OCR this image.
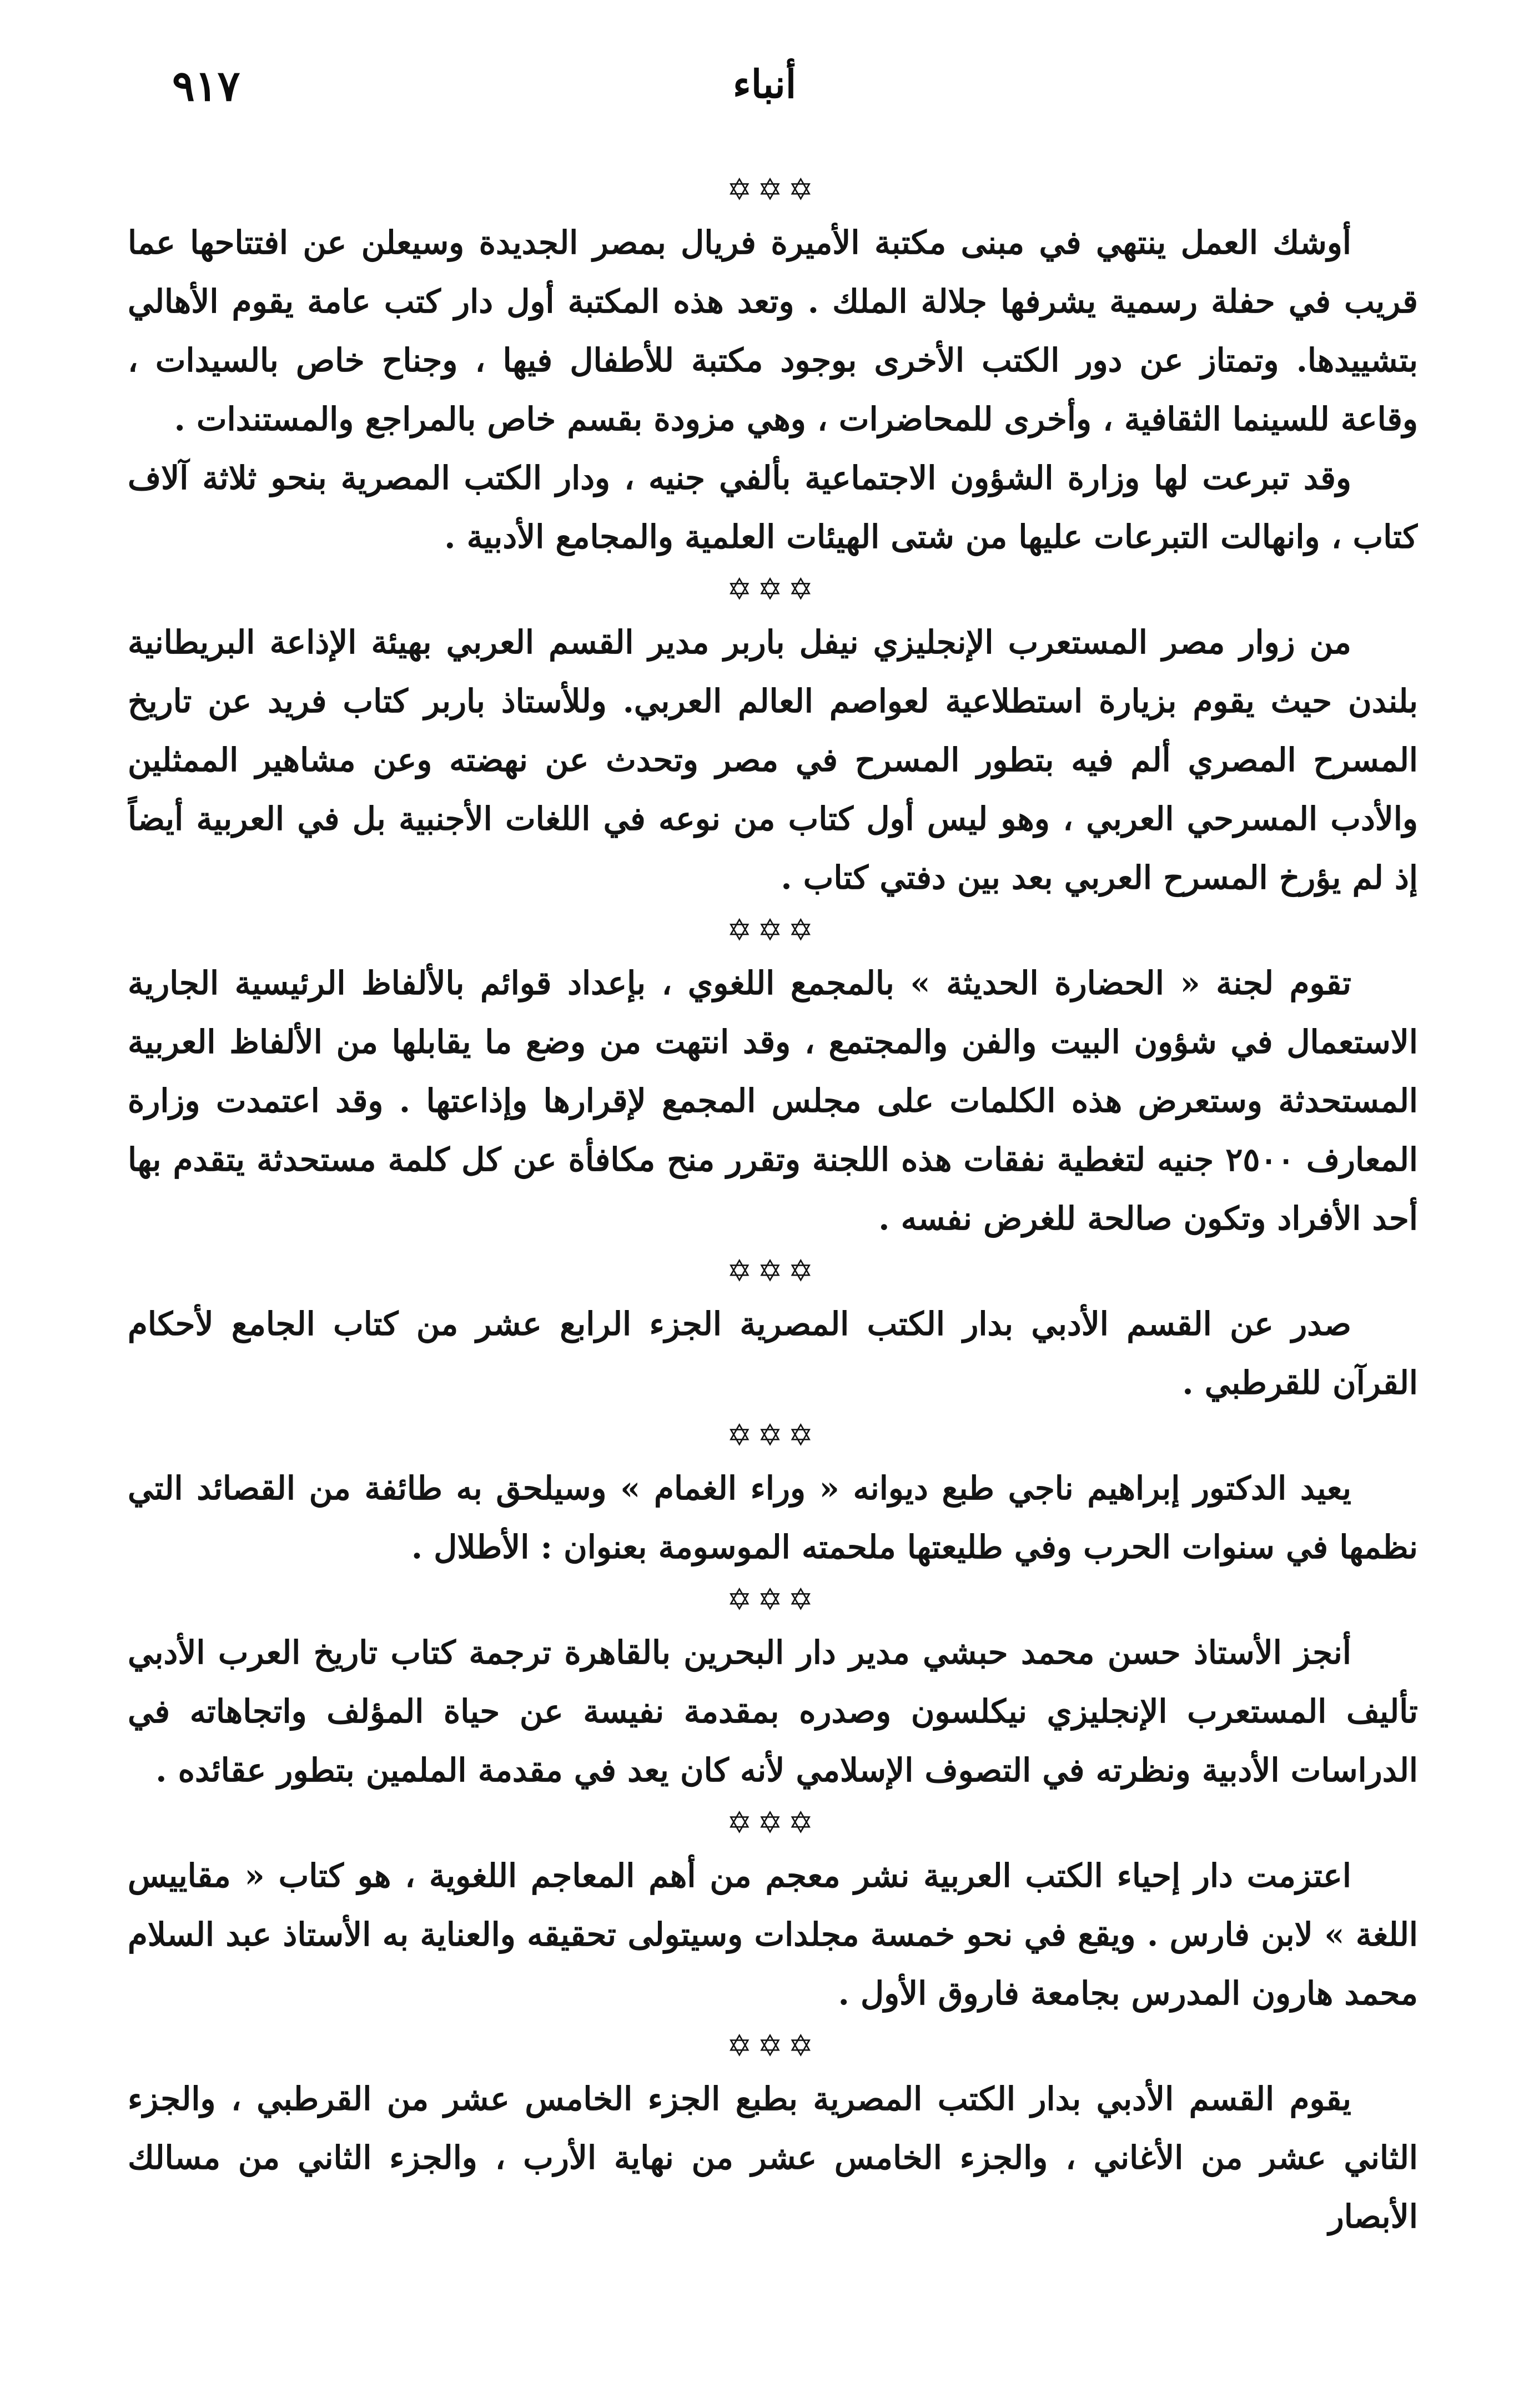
٩١٧	أنباء
✡✡✡

أوشك العمل ينتهي في مبنى مكتبة الأميرة فريال بمصر الجديدة وسيعلن عن افتتاحها عما قريب في حفلة رسمية يشرفها جلالة الملك . وتعد هذه المكتبة أول دار كتب عامة يقوم الأهالي بتشييدها. وتمتاز عن دور الكتب الأخرى بوجود مكتبة للأطفال فيها ، وجناح خاص بالسيدات ، وقاعة للسينما الثقافية ، وأخرى للمحاضرات ، وهي مزودة بقسم خاص بالمراجع والمستندات .

وقد تبرعت لها وزارة الشؤون الاجتماعية بألفي جنيه ، ودار الكتب المصرية بنحو ثلاثة آلاف كتاب ، وانهالت التبرعات عليها من شتى الهيئات العلمية والمجامع الأدبية .

✡✡✡

من زوار مصر المستعرب الإنجليزي نيفل باربر مدير القسم العربي بهيئة الإذاعة البريطانية بلندن حيث يقوم بزيارة استطلاعية لعواصم العالم العربي. وللأستاذ باربر كتاب فريد عن تاريخ المسرح المصري ألم فيه بتطور المسرح في مصر وتحدث عن نهضته وعن مشاهير الممثلين والأدب المسرحي العربي ، وهو ليس أول كتاب من نوعه في اللغات الأجنبية بل في العربية أيضاً إذ لم يؤرخ المسرح العربي بعد بين دفتي كتاب .

✡✡✡

تقوم لجنة « الحضارة الحديثة » بالمجمع اللغوي ، بإعداد قوائم بالألفاظ الرئيسية الجارية الاستعمال في شؤون البيت والفن والمجتمع ، وقد انتهت من وضع ما يقابلها من الألفاظ العربية المستحدثة وستعرض هذه الكلمات على مجلس المجمع لإقرارها وإذاعتها . وقد اعتمدت وزارة المعارف ٢٥٠٠ جنيه لتغطية نفقات هذه اللجنة وتقرر منح مكافأة عن كل كلمة مستحدثة يتقدم بها أحد الأفراد وتكون صالحة للغرض نفسه .

✡✡✡

صدر عن القسم الأدبي بدار الكتب المصرية الجزء الرابع عشر من كتاب الجامع لأحكام القرآن للقرطبي .

✡✡✡

يعيد الدكتور إبراهيم ناجي طبع ديوانه « وراء الغمام » وسيلحق به طائفة من القصائد التي نظمها في سنوات الحرب وفي طليعتها ملحمته الموسومة بعنوان : الأطلال .

✡✡✡

أنجز الأستاذ حسن محمد حبشي مدير دار البحرين بالقاهرة ترجمة كتاب تاريخ العرب الأدبي تأليف المستعرب الإنجليزي نيكلسون وصدره بمقدمة نفيسة عن حياة المؤلف واتجاهاته في الدراسات الأدبية ونظرته في التصوف الإسلامي لأنه كان يعد في مقدمة الملمين بتطور عقائده .

✡✡✡

اعتزمت دار إحياء الكتب العربية نشر معجم من أهم المعاجم اللغوية ، هو كتاب « مقاييس اللغة » لابن فارس . ويقع في نحو خمسة مجلدات وسيتولى تحقيقه والعناية به الأستاذ عبد السلام محمد هارون المدرس بجامعة فاروق الأول .

✡✡✡

يقوم القسم الأدبي بدار الكتب المصرية بطبع الجزء الخامس عشر من القرطبي ، والجزء الثاني عشر من الأغاني ، والجزء الخامس عشر من نهاية الأرب ، والجزء الثاني من مسالك الأبصار
